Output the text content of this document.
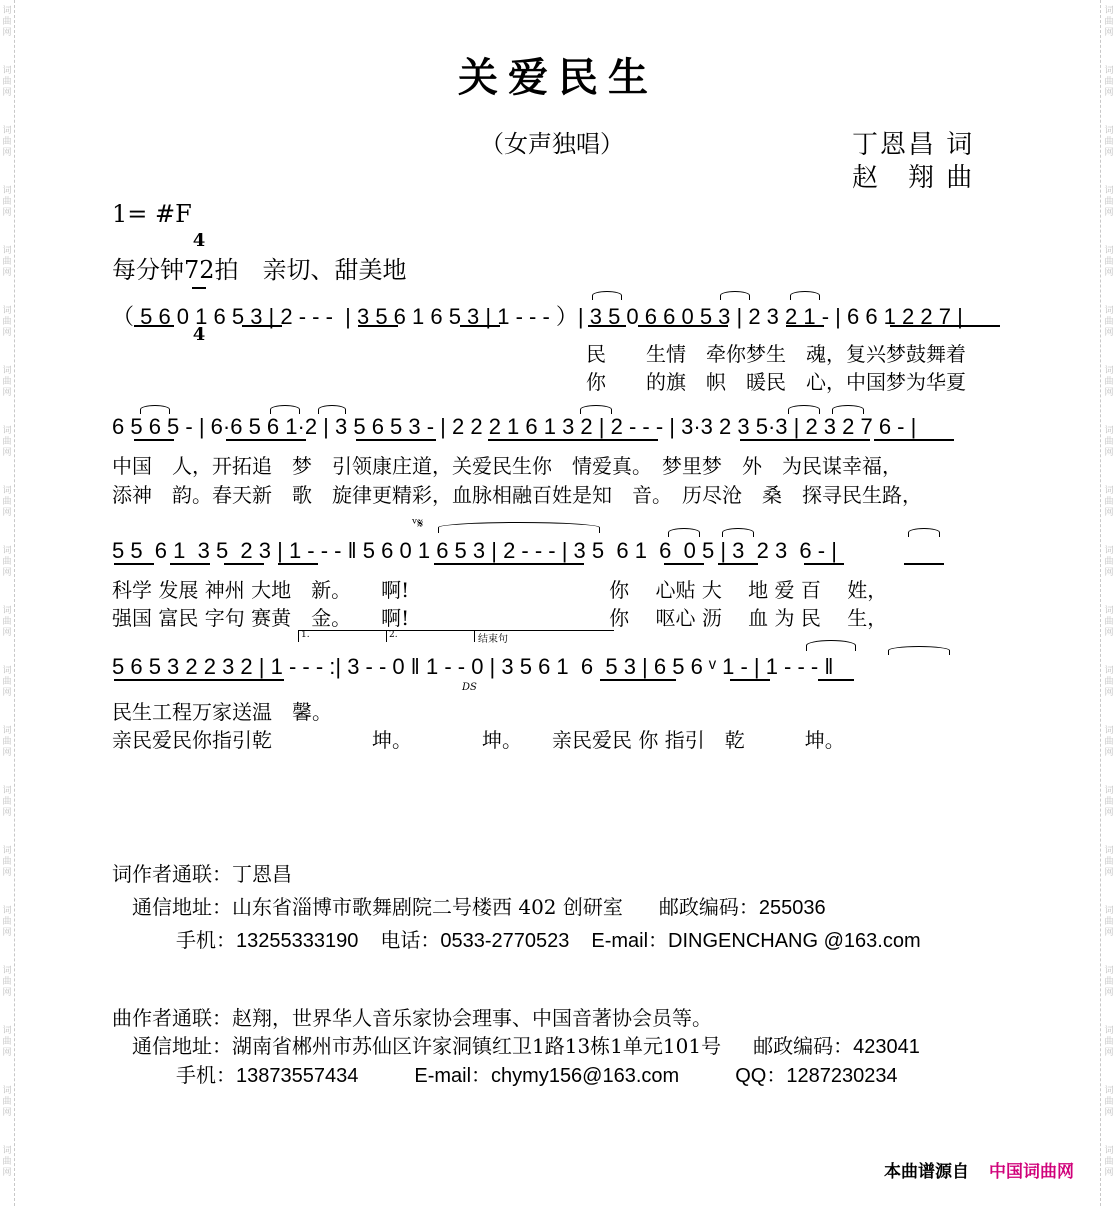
词
曲
网
词
曲
网
词
曲
网
词
曲
网
词
曲
网
词
曲
网
词
曲
网
词
曲
网
词
曲
网
词
曲
网
词
曲
网
词
曲
网
词
曲
网
词
曲
网
词
曲
网
词
曲
网
词
曲
网
词
曲
网
词
曲
网
词
曲
网
词
曲
网
词
曲
网
词
曲
网
词
曲
网
词
曲
网
词
曲
网
词
曲
网
词
曲
网
词
曲
网
词
曲
网
词
曲
网
词
曲
网
词
曲
网
词
曲
网
词
曲
网
词
曲
网
词
曲
网
词
曲
网
词
曲
网
词
曲
网
关爱民生
（女声独唱）	丁恩昌 词
赵　翔 曲
1= #F

4

4

每分钟72拍　亲切、甜美地
（ 5 6 0 1 6 5 3 | 2 - - -  | 3 5 6 1 6 5 3 | 1 - - - ）| 3 5 0 6 6 0 5 3 | 2 3 2 1 - | 6 6 1 2 2 7 |
民　　生情　牵你梦生　魂，复兴梦鼓舞着
你　　的旗　帜　暖民　心，中国梦为华夏
6 5 6 5 - | 6·6 5 6 1·2 | 3 5 6 5 3 - | 2 2 2 1 6 1 3 2 | 2 - - - | 3·3 2 3 5·3 | 2 3 2 7 6 - |
中国　人，开拓追　梦　引领康庄道，关爱民生你　情爱真。　梦里梦　外　为民谋幸福，
添神　韵。春天新　歌　旋律更精彩，血脉相融百姓是知　音。　历尽沧　桑　探寻民生路，
ᵛ𝄋
5 5  6 1  3 5  2 3 | 1 - - - ‖ 5 6 0 1 6 5 3 | 2 - - - | 3 5  6 1  6  0 5 | 3  2 3  6 - |
科学 发展 神州 大地　新。　　啊!　　　　　　　　　　你　 心贴 大　 地 爱 百　 姓，
强国 富民 字句 赛黄　金。　　啊!　　　　　　　　　　你　 呕心 沥　 血 为 民　 生，
1.	2.	结束句
5 6 5 3 2 2 3 2 | 1 - - - :| 3 - - 0 ‖ 1 - - 0 | 3 5 6 1  6  5 3 | 6 5 6 ᵛ 1 - | 1 - - - ‖
DS
民生工程万家送温　馨。
亲民爱民你指引乾　　　　　坤。　　　　坤。　　亲民爱民 你 指引　乾　　　坤。
词作者通联：丁恩昌
通信地址：山东省淄博市歌舞剧院二号楼西 402 创研室 邮政编码：255036
手机：13255333190 电话：0533-2770523 E-mail：DINGENCHANG @163.com
曲作者通联：赵翔，世界华人音乐家协会理事、中国音著协会员等。
通信地址：湖南省郴州市苏仙区许家洞镇红卫1路13栋1单元101号 邮政编码：423041
手机：13873557434	E-mail：chymy156@163.com	QQ：1287230234
本曲谱源自 中国词曲网
